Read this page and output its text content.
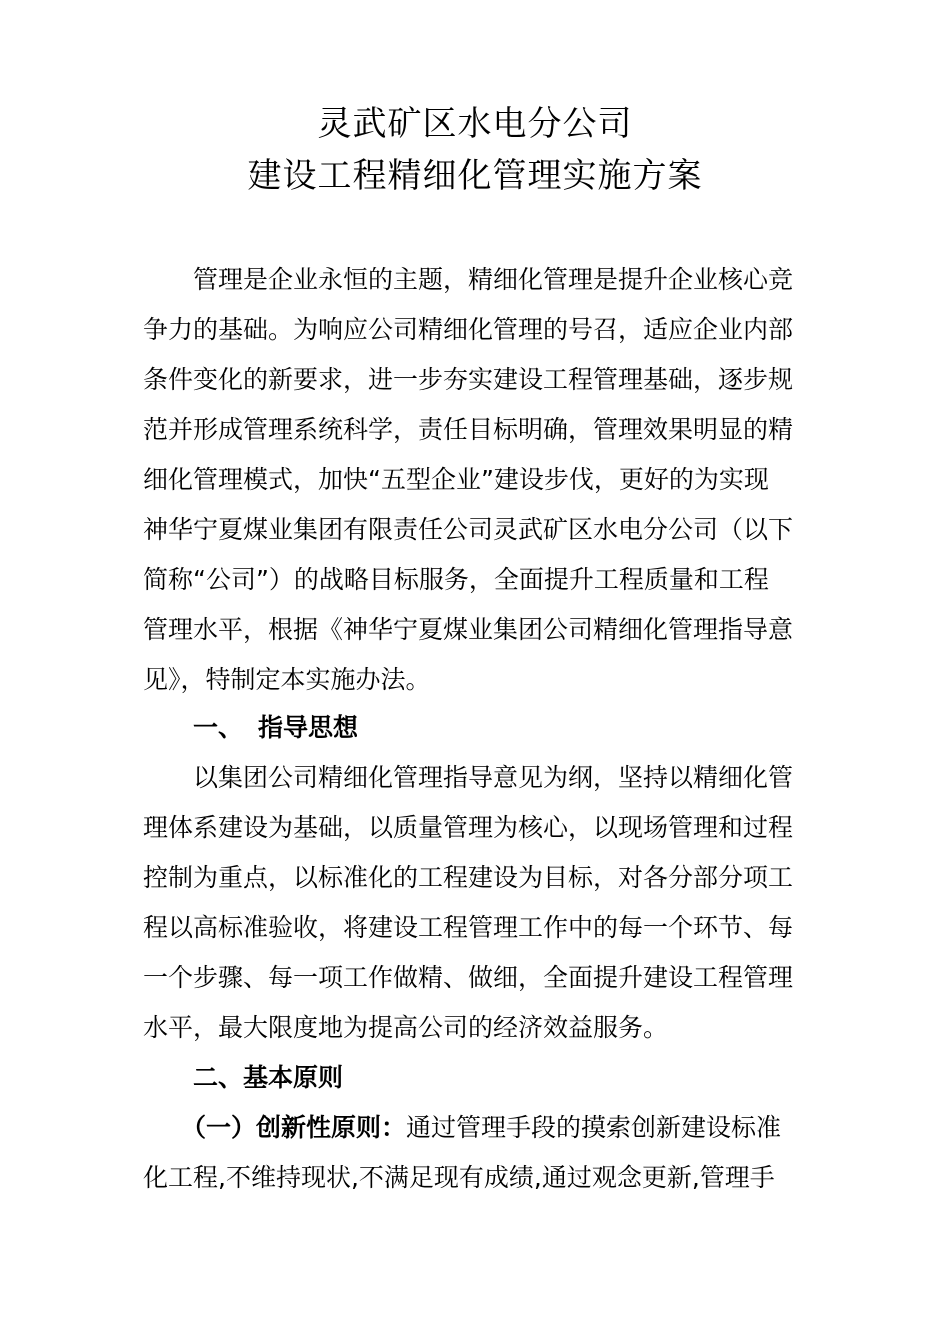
灵武矿区水电分公司
建设工程精细化管理实施方案
管理是企业永恒的主题，精细化管理是提升企业核心竞
争力的基础。为响应公司精细化管理的号召，适应企业内部
条件变化的新要求，进一步夯实建设工程管理基础，逐步规
范并形成管理系统科学，责任目标明确，管理效果明显的精
细化管理模式，加快“五型企业”建设步伐，更好的为实现
神华宁夏煤业集团有限责任公司灵武矿区水电分公司（以下
简称“公司”）的战略目标服务，全面提升工程质量和工程
管理水平，根据《神华宁夏煤业集团公司精细化管理指导意
见》，特制定本实施办法。
一、 指导思想
以集团公司精细化管理指导意见为纲，坚持以精细化管
理体系建设为基础，以质量管理为核心，以现场管理和过程
控制为重点，以标准化的工程建设为目标，对各分部分项工
程以高标准验收，将建设工程管理工作中的每一个环节、每
一个步骤、每一项工作做精、做细，全面提升建设工程管理
水平，最大限度地为提高公司的经济效益服务。
二、基本原则
（一）创新性原则：通过管理手段的摸索创新建设标准
化工程,不维持现状,不满足现有成绩,通过观念更新,管理手
